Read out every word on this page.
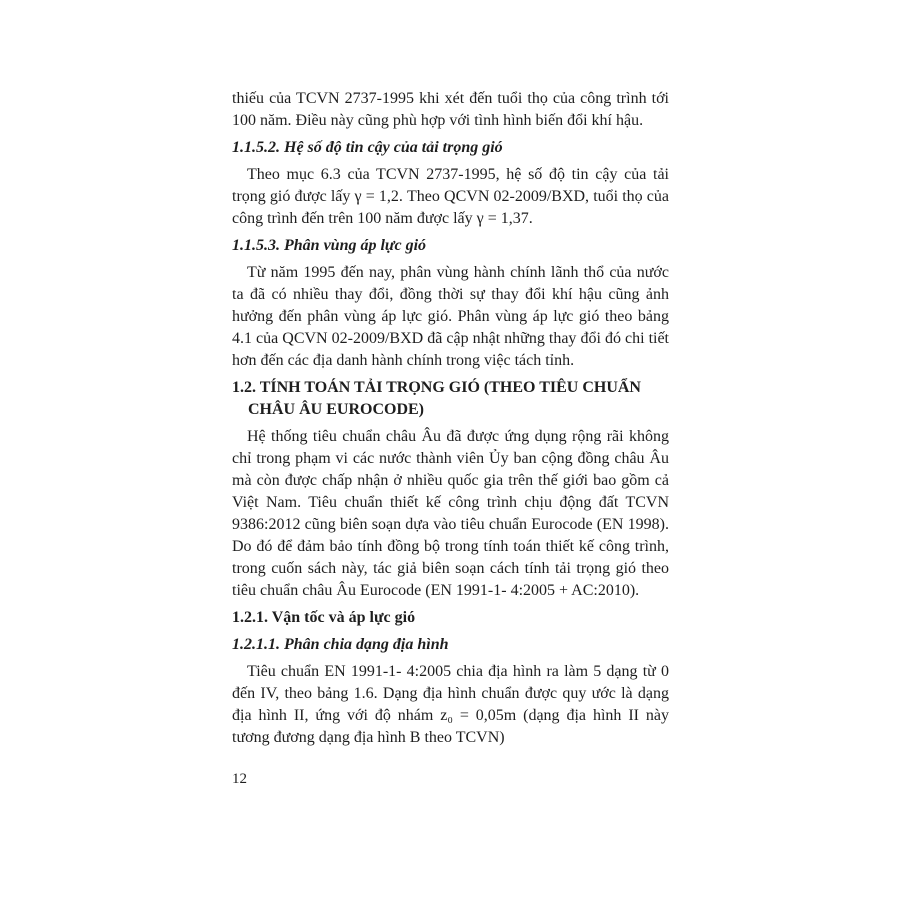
thiếu của TCVN 2737-1995 khi xét đến tuổi thọ của công trình tới 100 năm. Điều này cũng phù hợp với tình hình biến đổi khí hậu.
1.1.5.2. Hệ số độ tin cậy của tải trọng gió
Theo mục 6.3 của TCVN 2737-1995, hệ số độ tin cậy của tải trọng gió được lấy γ = 1,2. Theo QCVN 02-2009/BXD, tuổi thọ của công trình đến trên 100 năm được lấy γ = 1,37.
1.1.5.3. Phân vùng áp lực gió
Từ năm 1995 đến nay, phân vùng hành chính lãnh thổ của nước ta đã có nhiều thay đổi, đồng thời sự thay đổi khí hậu cũng ảnh hưởng đến phân vùng áp lực gió. Phân vùng áp lực gió theo bảng 4.1 của QCVN 02-2009/BXD đã cập nhật những thay đổi đó chi tiết hơn đến các địa danh hành chính trong việc tách tỉnh.
1.2. TÍNH TOÁN TẢI TRỌNG GIÓ (THEO TIÊU CHUẨN CHÂU ÂU EUROCODE)
Hệ thống tiêu chuẩn châu Âu đã được ứng dụng rộng rãi không chỉ trong phạm vi các nước thành viên Ủy ban cộng đồng châu Âu mà còn được chấp nhận ở nhiều quốc gia trên thế giới bao gồm cả Việt Nam. Tiêu chuẩn thiết kế công trình chịu động đất TCVN 9386:2012 cũng biên soạn dựa vào tiêu chuẩn Eurocode (EN 1998). Do đó để đảm bảo tính đồng bộ trong tính toán thiết kế công trình, trong cuốn sách này, tác giả biên soạn cách tính tải trọng gió theo tiêu chuẩn châu Âu Eurocode (EN 1991-1- 4:2005 + AC:2010).
1.2.1. Vận tốc và áp lực gió
1.2.1.1. Phân chia dạng địa hình
Tiêu chuẩn EN 1991-1- 4:2005 chia địa hình ra làm 5 dạng từ 0 đến IV, theo bảng 1.6. Dạng địa hình chuẩn được quy ước là dạng địa hình II, ứng với độ nhám z₀ = 0,05m (dạng địa hình II này tương đương dạng địa hình B theo TCVN)
12
